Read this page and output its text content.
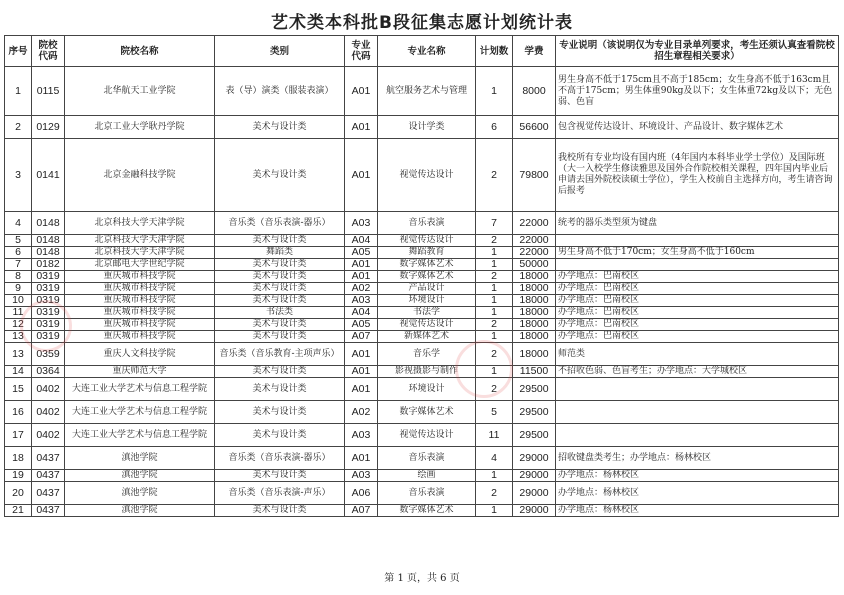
艺术类本科批B段征集志愿计划统计表
序号	院校代码	院校名称	类别	专业代码	专业名称	计划数	学费	专业说明（该说明仅为专业目录单列要求，考生还须认真查看院校招生章程相关要求）
1	0115	北华航天工业学院	表（导）演类（服装表演）	A01	航空服务艺术与管理	1	8000	男生身高不低于175cm且不高于185cm；女生身高不低于163cm且不高于175cm；男生体重90kg及以下；女生体重72kg及以下；无色弱、色盲
2	0129	北京工业大学耿丹学院	美术与设计类	A01	设计学类	6	56600	包含视觉传达设计、环境设计、产品设计、数字媒体艺术
3	0141	北京金融科技学院	美术与设计类	A01	视觉传达设计	2	79800	我校所有专业均设有国内班（4年国内本科毕业学士学位）及国际班（大一入校学生修读雅思及国外合作院校相关课程，四年国内毕业后申请去国外院校读硕士学位），学生入校前自主选择方向，考生请咨询后报考
4	0148	北京科技大学天津学院	音乐类（音乐表演-器乐）	A03	音乐表演	7	22000	统考的器乐类型须为键盘
5	0148	北京科技大学天津学院	美术与设计类	A04	视觉传达设计	2	22000	
6	0148	北京科技大学天津学院	舞蹈类	A05	舞蹈教育	1	22000	男生身高不低于170cm；女生身高不低于160cm
7	0182	北京邮电大学世纪学院	美术与设计类	A01	数字媒体艺术	1	50000	
8	0319	重庆城市科技学院	美术与设计类	A01	数字媒体艺术	2	18000	办学地点：巴南校区
9	0319	重庆城市科技学院	美术与设计类	A02	产品设计	1	18000	办学地点：巴南校区
10	0319	重庆城市科技学院	美术与设计类	A03	环境设计	1	18000	办学地点：巴南校区
11	0319	重庆城市科技学院	书法类	A04	书法学	1	18000	办学地点：巴南校区
12	0319	重庆城市科技学院	美术与设计类	A05	视觉传达设计	2	18000	办学地点：巴南校区
13	0319	重庆城市科技学院	美术与设计类	A07	新媒体艺术	1	18000	办学地点：巴南校区
13	0359	重庆人文科技学院	音乐类（音乐教育-主项声乐）	A01	音乐学	2	18000	师范类
14	0364	重庆师范大学	美术与设计类	A01	影视摄影与制作	1	11500	不招收色弱、色盲考生；办学地点：大学城校区
15	0402	大连工业大学艺术与信息工程学院	美术与设计类	A01	环境设计	2	29500	
16	0402	大连工业大学艺术与信息工程学院	美术与设计类	A02	数字媒体艺术	5	29500	
17	0402	大连工业大学艺术与信息工程学院	美术与设计类	A03	视觉传达设计	11	29500	
18	0437	滇池学院	音乐类（音乐表演-器乐）	A01	音乐表演	4	29000	招收键盘类考生；办学地点：杨林校区
19	0437	滇池学院	美术与设计类	A03	绘画	1	29000	办学地点：杨林校区
20	0437	滇池学院	音乐类（音乐表演-声乐）	A06	音乐表演	2	29000	办学地点：杨林校区
21	0437	滇池学院	美术与设计类	A07	数字媒体艺术	1	29000	办学地点：杨林校区
第 1 页，共 6 页
